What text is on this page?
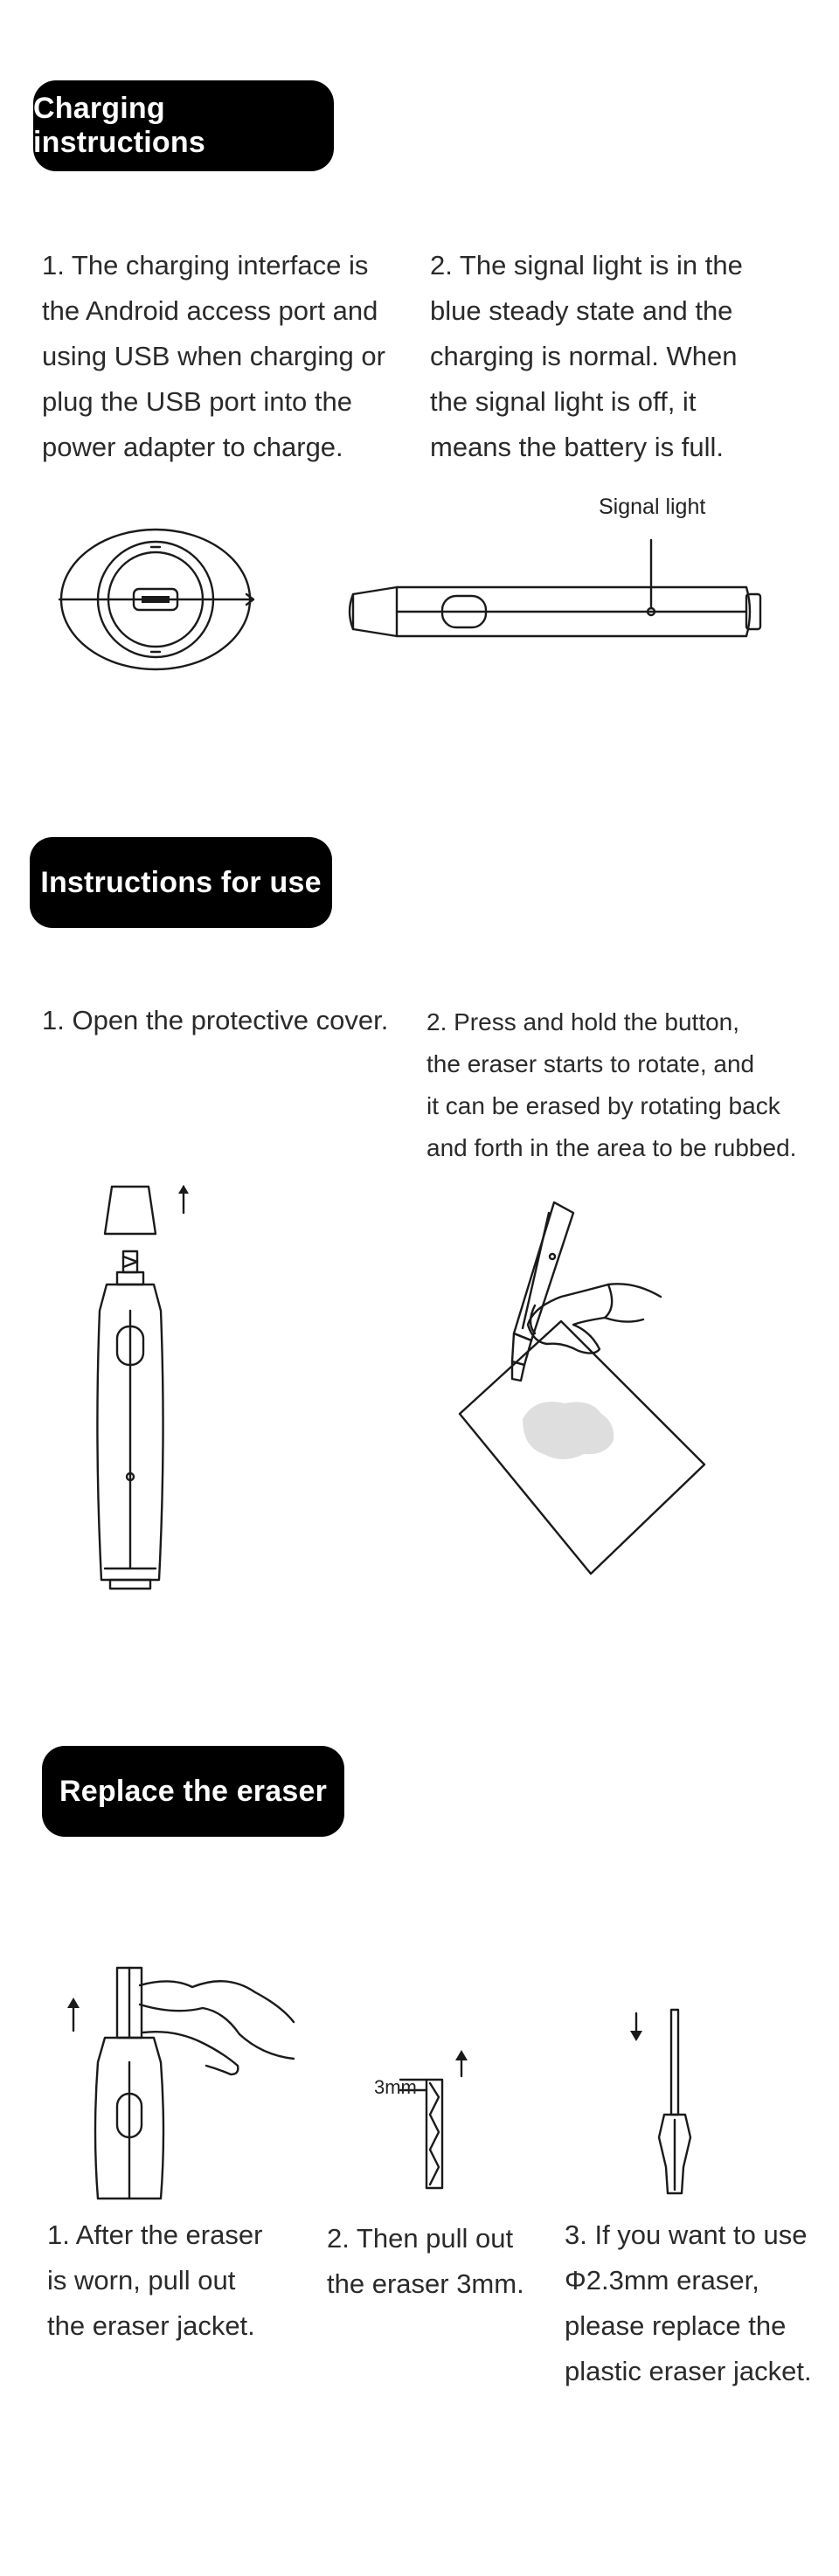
Charging instructions
1. The charging interface is
the Android access port and
using USB when charging or
plug the USB port into the
power adapter to charge.
2. The signal light is in the
blue steady state and the
charging is normal. When
the signal light is off, it
means the battery is full.
Signal light
Instructions for use
1. Open the protective cover. 2. Press and hold the button,
the eraser starts to rotate, and
it can be erased by rotating back
and forth in the area to be rubbed.
Replace the eraser
3mm
1. After the eraser
is worn, pull out
the eraser jacket.
2. Then pull out
the eraser 3mm.
3. If you want to use
Φ2.3mm eraser,
please replace the
plastic eraser jacket.
